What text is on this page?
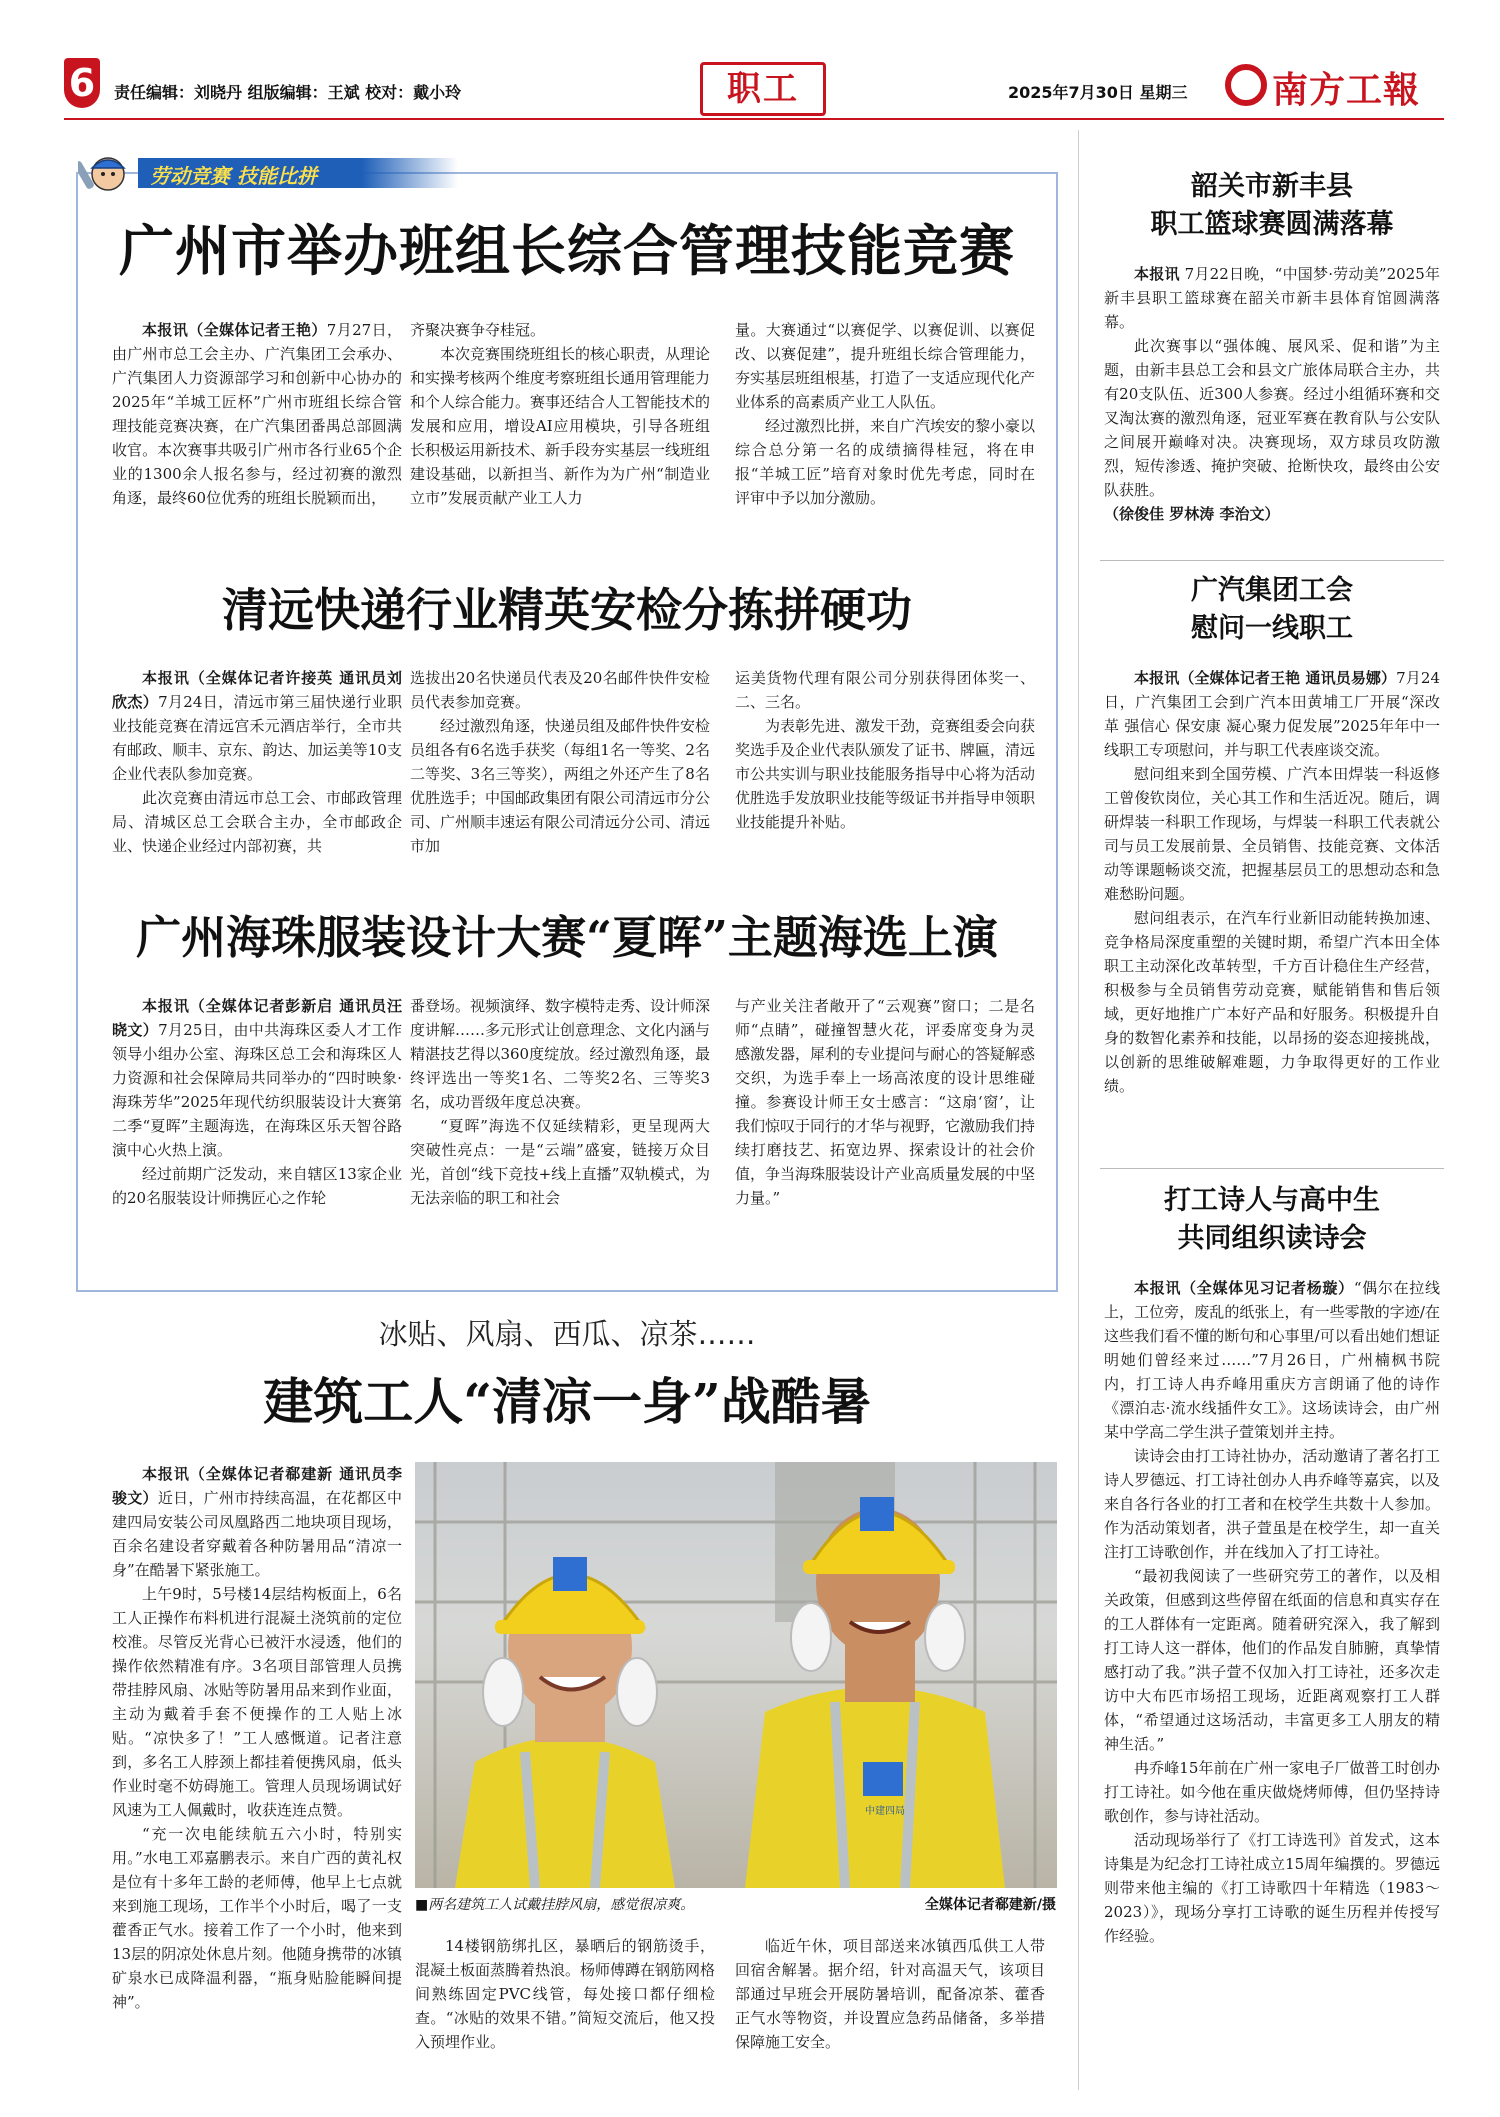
6 责任编辑：刘晓丹 组版编辑：王斌 校对：戴小玲	职工	2025年7月30日 星期三 南方工報
劳动竞赛 技能比拼
广州市举办班组长综合管理技能竞赛

本报讯（全媒体记者王艳）7月27日，由广州市总工会主办、广汽集团工会承办、广汽集团人力资源部学习和创新中心协办的2025年“羊城工匠杯”广州市班组长综合管理技能竞赛决赛，在广汽集团番禺总部圆满收官。本次赛事共吸引广州市各行业65个企业的1300余人报名参与，经过初赛的激烈角逐，最终60位优秀的班组长脱颖而出，

齐聚决赛争夺桂冠。

本次竞赛围绕班组长的核心职责，从理论和实操考核两个维度考察班组长通用管理能力和个人综合能力。赛事还结合人工智能技术的发展和应用，增设AI应用模块，引导各班组长积极运用新技术、新手段夯实基层一线班组建设基础，以新担当、新作为为广州“制造业立市”发展贡献产业工人力

量。大赛通过“以赛促学、以赛促训、以赛促改、以赛促建”，提升班组长综合管理能力，夯实基层班组根基，打造了一支适应现代化产业体系的高素质产业工人队伍。

经过激烈比拼，来自广汽埃安的黎小豪以综合总分第一名的成绩摘得桂冠，将在申报“羊城工匠”培育对象时优先考虑，同时在评审中予以加分激励。

清远快递行业精英安检分拣拼硬功

本报讯（全媒体记者许接英 通讯员刘欣杰）7月24日，清远市第三届快递行业职业技能竞赛在清远宫禾元酒店举行，全市共有邮政、顺丰、京东、韵达、加运美等10支企业代表队参加竞赛。

此次竞赛由清远市总工会、市邮政管理局、清城区总工会联合主办，全市邮政企业、快递企业经过内部初赛，共

选拔出20名快递员代表及20名邮件快件安检员代表参加竞赛。

经过激烈角逐，快递员组及邮件快件安检员组各有6名选手获奖（每组1名一等奖、2名二等奖、3名三等奖），两组之外还产生了8名优胜选手；中国邮政集团有限公司清远市分公司、广州顺丰速运有限公司清远分公司、清远市加

运美货物代理有限公司分别获得团体奖一、二、三名。

为表彰先进、激发干劲，竞赛组委会向获奖选手及企业代表队颁发了证书、牌匾，清远市公共实训与职业技能服务指导中心将为活动优胜选手发放职业技能等级证书并指导申领职业技能提升补贴。

广州海珠服装设计大赛“夏晖”主题海选上演

本报讯（全媒体记者彭新启 通讯员汪晓文）7月25日，由中共海珠区委人才工作领导小组办公室、海珠区总工会和海珠区人力资源和社会保障局共同举办的“四时映象·海珠芳华”2025年现代纺织服装设计大赛第二季“夏晖”主题海选，在海珠区乐天智谷路演中心火热上演。

经过前期广泛发动，来自辖区13家企业的20名服装设计师携匠心之作轮

番登场。视频演绎、数字模特走秀、设计师深度讲解……多元形式让创意理念、文化内涵与精湛技艺得以360度绽放。经过激烈角逐，最终评选出一等奖1名、二等奖2名、三等奖3名，成功晋级年度总决赛。

“夏晖”海选不仅延续精彩，更呈现两大突破性亮点：一是“云端”盛宴，链接万众目光，首创“线下竞技+线上直播”双轨模式，为无法亲临的职工和社会

与产业关注者敞开了“云观赛”窗口；二是名师“点睛”，碰撞智慧火花，评委席变身为灵感激发器，犀利的专业提问与耐心的答疑解惑交织，为选手奉上一场高浓度的设计思维碰撞。参赛设计师王女士感言：“这扇‘窗’，让我们惊叹于同行的才华与视野，它激励我们持续打磨技艺、拓宽边界、探索设计的社会价值，争当海珠服装设计产业高质量发展的中坚力量。”

冰贴、风扇、西瓜、凉茶……
建筑工人“清凉一身”战酷暑

本报讯（全媒体记者郗建新 通讯员李骏文）近日，广州市持续高温，在花都区中建四局安装公司凤凰路西二地块项目现场，百余名建设者穿戴着各种防暑用品“清凉一身”在酷暑下紧张施工。

上午9时，5号楼14层结构板面上，6名工人正操作布料机进行混凝土浇筑前的定位校准。尽管反光背心已被汗水浸透，他们的操作依然精准有序。3名项目部管理人员携带挂脖风扇、冰贴等防暑用品来到作业面，主动为戴着手套不便操作的工人贴上冰贴。“凉快多了！”工人感慨道。记者注意到，多名工人脖颈上都挂着便携风扇，低头作业时毫不妨碍施工。管理人员现场调试好风速为工人佩戴时，收获连连点赞。

“充一次电能续航五六小时，特别实用。”水电工邓嘉鹏表示。来自广西的黄礼权是位有十多年工龄的老师傅，他早上七点就来到施工现场，工作半个小时后，喝了一支藿香正气水。接着工作了一个小时，他来到13层的阴凉处休息片刻。他随身携带的冰镇矿泉水已成降温利器，“瓶身贴脸能瞬间提神”。

中建四局
■两名建筑工人试戴挂脖风扇，感觉很凉爽。	全媒体记者郗建新/摄

14楼钢筋绑扎区，暴晒后的钢筋烫手，混凝土板面蒸腾着热浪。杨师傅蹲在钢筋网格间熟练固定PVC线管，每处接口都仔细检查。“冰贴的效果不错。”简短交流后，他又投入预埋作业。

临近午休，项目部送来冰镇西瓜供工人带回宿舍解暑。据介绍，针对高温天气，该项目部通过早班会开展防暑培训，配备凉茶、藿香正气水等物资，并设置应急药品储备，多举措保障施工安全。

韶关市新丰县
职工篮球赛圆满落幕

本报讯 7月22日晚，“中国梦·劳动美”2025年新丰县职工篮球赛在韶关市新丰县体育馆圆满落幕。

此次赛事以“强体魄、展风采、促和谐”为主题，由新丰县总工会和县文广旅体局联合主办，共有20支队伍、近300人参赛。经过小组循环赛和交叉淘汰赛的激烈角逐，冠亚军赛在教育队与公安队之间展开巅峰对决。决赛现场，双方球员攻防激烈，短传渗透、掩护突破、抢断快攻，最终由公安队获胜。

（徐俊佳 罗林涛 李治文）

广汽集团工会
慰问一线职工

本报讯（全媒体记者王艳 通讯员易娜）7月24日，广汽集团工会到广汽本田黄埔工厂开展“深改革 强信心 保安康 凝心聚力促发展”2025年年中一线职工专项慰问，并与职工代表座谈交流。

慰问组来到全国劳模、广汽本田焊装一科返修工曾俊钦岗位，关心其工作和生活近况。随后，调研焊装一科职工作现场，与焊装一科职工代表就公司与员工发展前景、全员销售、技能竞赛、文体活动等课题畅谈交流，把握基层员工的思想动态和急难愁盼问题。

慰问组表示，在汽车行业新旧动能转换加速、竞争格局深度重塑的关键时期，希望广汽本田全体职工主动深化改革转型，千方百计稳住生产经营，积极参与全员销售劳动竞赛，赋能销售和售后领域，更好地推广广本好产品和好服务。积极提升自身的数智化素养和技能，以昂扬的姿态迎接挑战，以创新的思维破解难题，力争取得更好的工作业绩。

打工诗人与高中生
共同组织读诗会

本报讯（全媒体见习记者杨璇）“偶尔在拉线上，工位旁，废乱的纸张上，有一些零散的字迹/在这些我们看不懂的断句和心事里/可以看出她们想证明她们曾经来过……”7月26日，广州楠枫书院内，打工诗人冉乔峰用重庆方言朗诵了他的诗作《漂泊志·流水线插件女工》。这场读诗会，由广州某中学高二学生洪子萱策划并主持。

读诗会由打工诗社协办，活动邀请了著名打工诗人罗德远、打工诗社创办人冉乔峰等嘉宾，以及来自各行各业的打工者和在校学生共数十人参加。作为活动策划者，洪子萱虽是在校学生，却一直关注打工诗歌创作，并在线加入了打工诗社。

“最初我阅读了一些研究劳工的著作，以及相关政策，但感到这些停留在纸面的信息和真实存在的工人群体有一定距离。随着研究深入，我了解到打工诗人这一群体，他们的作品发自肺腑，真挚情感打动了我。”洪子萱不仅加入打工诗社，还多次走访中大布匹市场招工现场，近距离观察打工人群体，“希望通过这场活动，丰富更多工人朋友的精神生活。”

冉乔峰15年前在广州一家电子厂做普工时创办打工诗社。如今他在重庆做烧烤师傅，但仍坚持诗歌创作，参与诗社活动。

活动现场举行了《打工诗选刊》首发式，这本诗集是为纪念打工诗社成立15周年编撰的。罗德远则带来他主编的《打工诗歌四十年精选（1983～2023）》，现场分享打工诗歌的诞生历程并传授写作经验。
